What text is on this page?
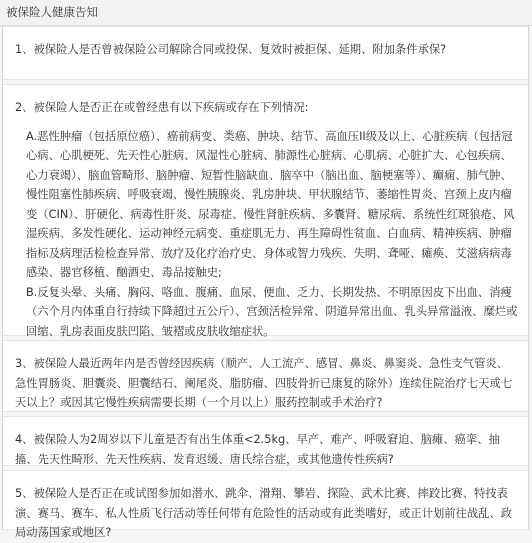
被保险人健康告知
1、被保险人是否曾被保险公司解除合同或投保、复效时被拒保、延期、附加条件承保?
2、被保险人是否正在或曾经患有以下疾病或存在下列情况:
A.恶性肿瘤（包括原位癌）、癌前病变、类癌、肿块、结节、高血压II级及以上、心脏疾病（包括冠心病、心肌梗死、先天性心脏病、风湿性心脏病、肺源性心脏病、心肌病、心脏扩大、心包疾病、心力衰竭）、脑血管畸形、脑肿瘤、短暂性脑缺血、脑卒中（脑出血、脑梗塞等）、癫痫、肺气肿、慢性阻塞性肺疾病、呼吸衰竭、慢性胰腺炎、乳房肿块、甲状腺结节、萎缩性胃炎、宫颈上皮内瘤变（CIN）、肝硬化、病毒性肝炎、尿毒症、慢性肾脏疾病、多囊肾、糖尿病、系统性红斑狼疮、风湿疾病、多发性硬化、运动神经元病变、重症肌无力、再生障碍性贫血、白血病、精神疾病、肿瘤指标及病理活检检查异常、放疗及化疗治疗史、身体或智力残疾、失明、聋哑、瘫痪、艾滋病病毒感染、器官移植、酗酒史、毒品接触史;
B.反复头晕、头痛、胸闷、咯血、腹痛、血尿、便血、乏力、长期发热、不明原因皮下出血、消瘦（六个月内体重自行持续下降超过五公斤）、宫颈活检异常、阴道异常出血、乳头异常溢液、糜烂或回缩、乳房表面皮肤凹陷、皱褶或皮肤收缩症状。
3、被保险人最近两年内是否曾经因疾病（顺产、人工流产、感冒、鼻炎、鼻窦炎、急性支气管炎、急性胃肠炎、胆囊炎、胆囊结石、阑尾炎、脂肪瘤、四肢骨折已康复的除外）连续住院治疗七天或七天以上？或因其它慢性疾病需要长期（一个月以上）服药控制或手术治疗?
4、被保险人为2周岁以下儿童是否有出生体重<2.5kg、早产、难产、呼吸窘迫、脑瘫、癌挛、抽搐、先天性畸形、先天性疾病、发育迟缓、唐氏综合症，或其他遗传性疾病?
5、被保险人是否正在或试图参加如潜水、跳伞、滑翔、攀岩、探险、武术比赛、摔跤比赛、特技表演、赛马、赛车、私人性质飞行活动等任何带有危险性的活动或有此类嗜好，或正计划前往战乱、政局动荡国家或地区?
